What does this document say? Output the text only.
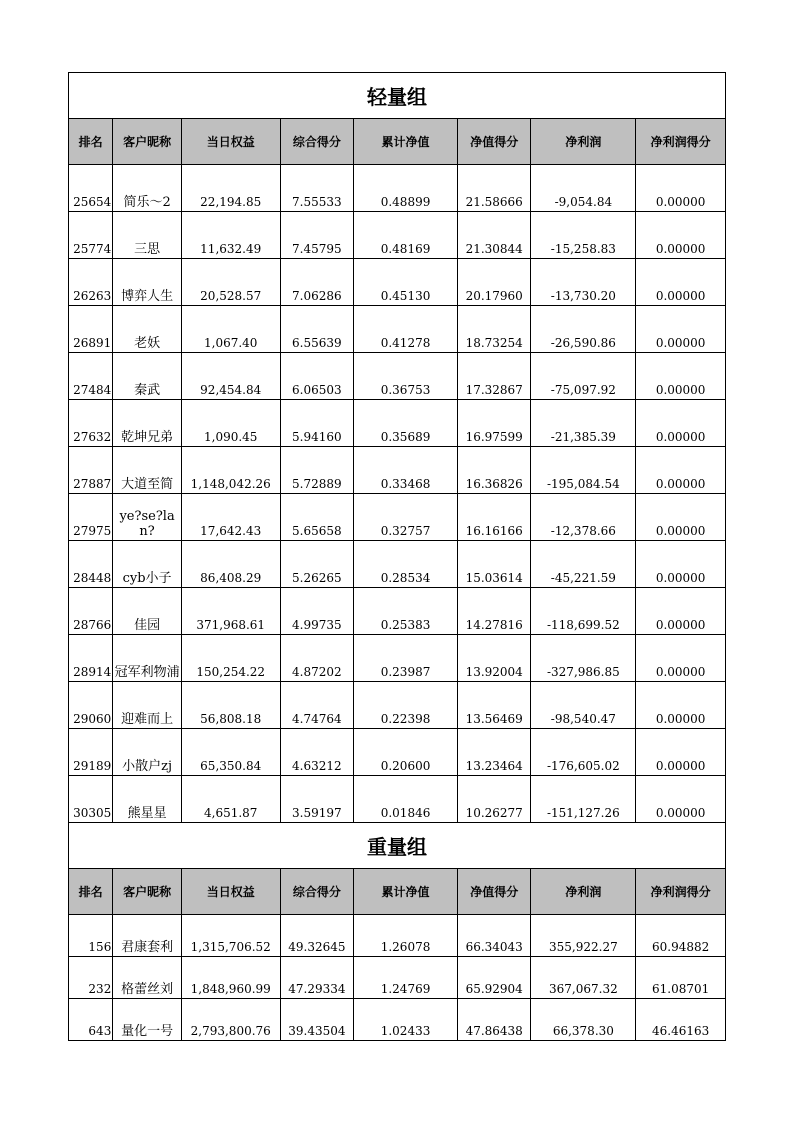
轻量组							
排名	客户昵称	当日权益	综合得分	累计净值	净值得分	净利润	净利润得分
25654	简乐～2	22,194.85	7.55533	0.48899	21.58666	-9,054.84	0.00000
25774	三思	11,632.49	7.45795	0.48169	21.30844	-15,258.83	0.00000
26263	博弈人生	20,528.57	7.06286	0.45130	20.17960	-13,730.20	0.00000
26891	老妖	1,067.40	6.55639	0.41278	18.73254	-26,590.86	0.00000
27484	秦武	92,454.84	6.06503	0.36753	17.32867	-75,097.92	0.00000
27632	乾坤兄弟	1,090.45	5.94160	0.35689	16.97599	-21,385.39	0.00000
27887	大道至简	1,148,042.26	5.72889	0.33468	16.36826	-195,084.54	0.00000
27975	ye?se?lan?	17,642.43	5.65658	0.32757	16.16166	-12,378.66	0.00000
28448	cyb小子	86,408.29	5.26265	0.28534	15.03614	-45,221.59	0.00000
28766	佳园	371,968.61	4.99735	0.25383	14.27816	-118,699.52	0.00000
28914	冠军利物浦	150,254.22	4.87202	0.23987	13.92004	-327,986.85	0.00000
29060	迎难而上	56,808.18	4.74764	0.22398	13.56469	-98,540.47	0.00000
29189	小散户zj	65,350.84	4.63212	0.20600	13.23464	-176,605.02	0.00000
30305	熊星星	4,651.87	3.59197	0.01846	10.26277	-151,127.26	0.00000
重量组							
排名	客户昵称	当日权益	综合得分	累计净值	净值得分	净利润	净利润得分
156	君康套利	1,315,706.52	49.32645	1.26078	66.34043	355,922.27	60.94882
232	格蕾丝刘	1,848,960.99	47.29334	1.24769	65.92904	367,067.32	61.08701
643	量化一号	2,793,800.76	39.43504	1.02433	47.86438	66,378.30	46.46163
